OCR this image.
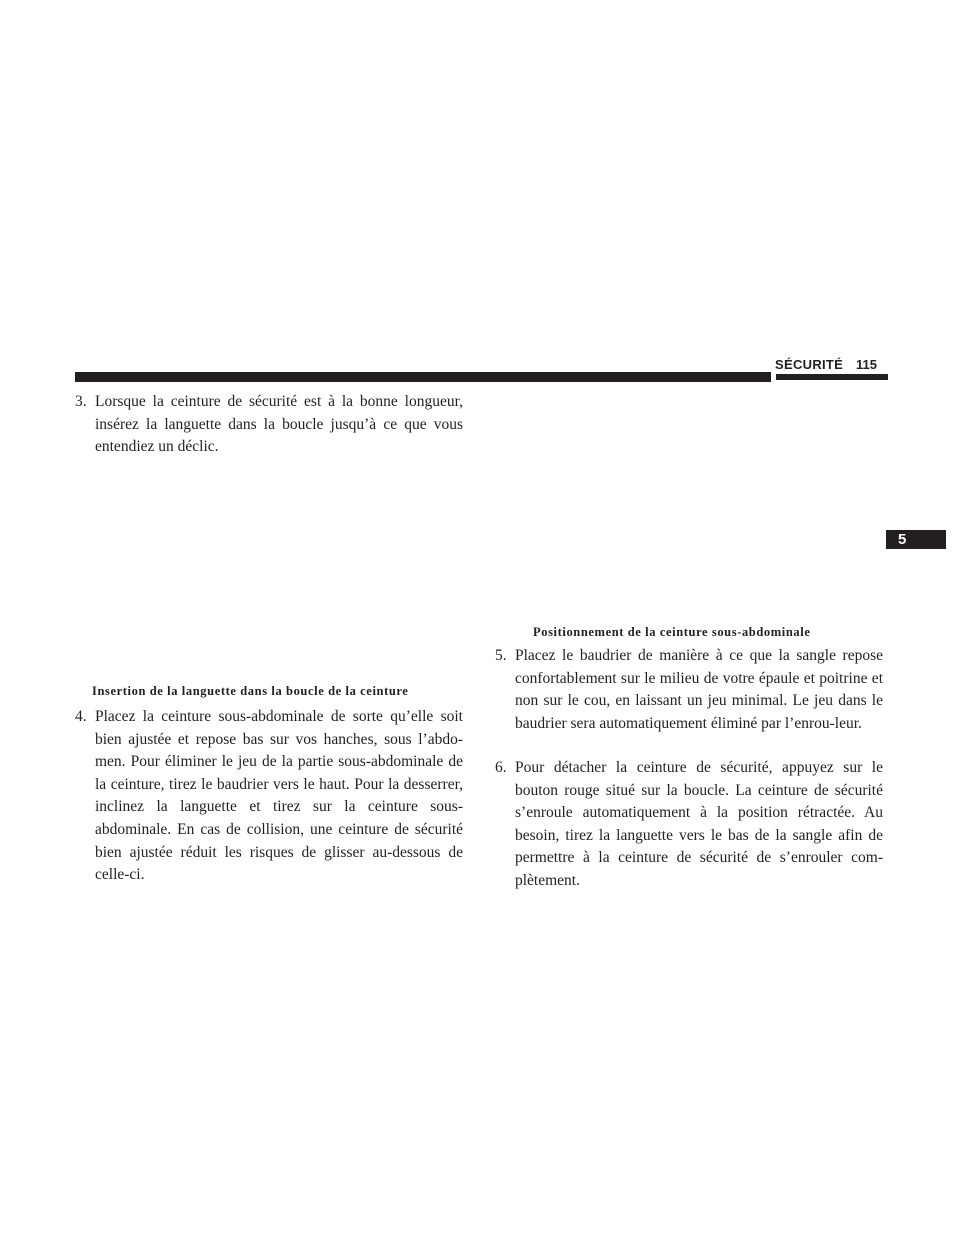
SÉCURITÉ 115
5
3. Lorsque la ceinture de sécurité est à la bonne longueur, insérez la languette dans la boucle jusqu’à ce que vous entendiez un déclic.
Insertion de la languette dans la boucle de la ceinture
4. Placez la ceinture sous-abdominale de sorte qu’elle soit bien ajustée et repose bas sur vos hanches, sous l’abdo-men. Pour éliminer le jeu de la partie sous-abdominale de la ceinture, tirez le baudrier vers le haut. Pour la desserrer, inclinez la languette et tirez sur la ceinture sous-abdominale. En cas de collision, une ceinture de sécurité bien ajustée réduit les risques de glisser au-dessous de celle-ci.
Positionnement de la ceinture sous-abdominale
5. Placez le baudrier de manière à ce que la sangle repose confortablement sur le milieu de votre épaule et poitrine et non sur le cou, en laissant un jeu minimal. Le jeu dans le baudrier sera automatiquement éliminé par l’enrou-leur.
6. Pour détacher la ceinture de sécurité, appuyez sur le bouton rouge situé sur la boucle. La ceinture de sécurité s’enroule automatiquement à la position rétractée. Au besoin, tirez la languette vers le bas de la sangle afin de permettre à la ceinture de sécurité de s’enrouler com-plètement.
